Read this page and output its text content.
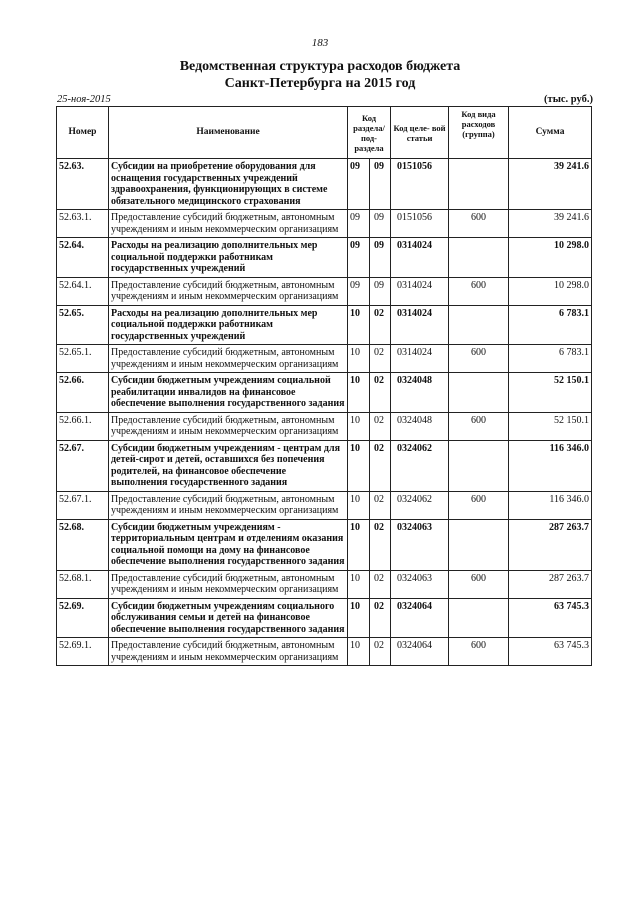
183
Ведомственная структура расходов бюджета
Санкт-Петербурга на 2015 год
25-ноя-2015	(тыс. руб.)
Номер	Наименование	Код раздела/ под- раздела		Код целе- вой статьи	Код вида расходов (группа)	Сумма
52.63.	Субсидии на приобретение оборудования для оснащения государственных учреждений здравоохранения, функционирующих в системе обязательного медицинского страхования	09	09	0151056		39 241.6
52.63.1.	Предоставление субсидий бюджетным, автономным учреждениям и иным некоммерческим организациям	09	09	0151056	600	39 241.6
52.64.	Расходы на реализацию дополнительных мер социальной поддержки работникам государственных учреждений	09	09	0314024		10 298.0
52.64.1.	Предоставление субсидий бюджетным, автономным учреждениям и иным некоммерческим организациям	09	09	0314024	600	10 298.0
52.65.	Расходы на реализацию дополнительных мер социальной поддержки работникам государственных учреждений	10	02	0314024		6 783.1
52.65.1.	Предоставление субсидий бюджетным, автономным учреждениям и иным некоммерческим организациям	10	02	0314024	600	6 783.1
52.66.	Субсидии бюджетным учреждениям социальной реабилитации инвалидов на финансовое обеспечение выполнения государственного задания	10	02	0324048		52 150.1
52.66.1.	Предоставление субсидий бюджетным, автономным учреждениям и иным некоммерческим организациям	10	02	0324048	600	52 150.1
52.67.	Субсидии бюджетным учреждениям - центрам для детей-сирот и детей, оставшихся без попечения родителей, на финансовое обеспечение выполнения государственного задания	10	02	0324062		116 346.0
52.67.1.	Предоставление субсидий бюджетным, автономным учреждениям и иным некоммерческим организациям	10	02	0324062	600	116 346.0
52.68.	Субсидии бюджетным учреждениям - территориальным центрам и отделениям оказания социальной помощи на дому на финансовое обеспечение выполнения государственного задания	10	02	0324063		287 263.7
52.68.1.	Предоставление субсидий бюджетным, автономным учреждениям и иным некоммерческим организациям	10	02	0324063	600	287 263.7
52.69.	Субсидии бюджетным учреждениям социального обслуживания семьи и детей на финансовое обеспечение выполнения государственного задания	10	02	0324064		63 745.3
52.69.1.	Предоставление субсидий бюджетным, автономным учреждениям и иным некоммерческим организациям	10	02	0324064	600	63 745.3
